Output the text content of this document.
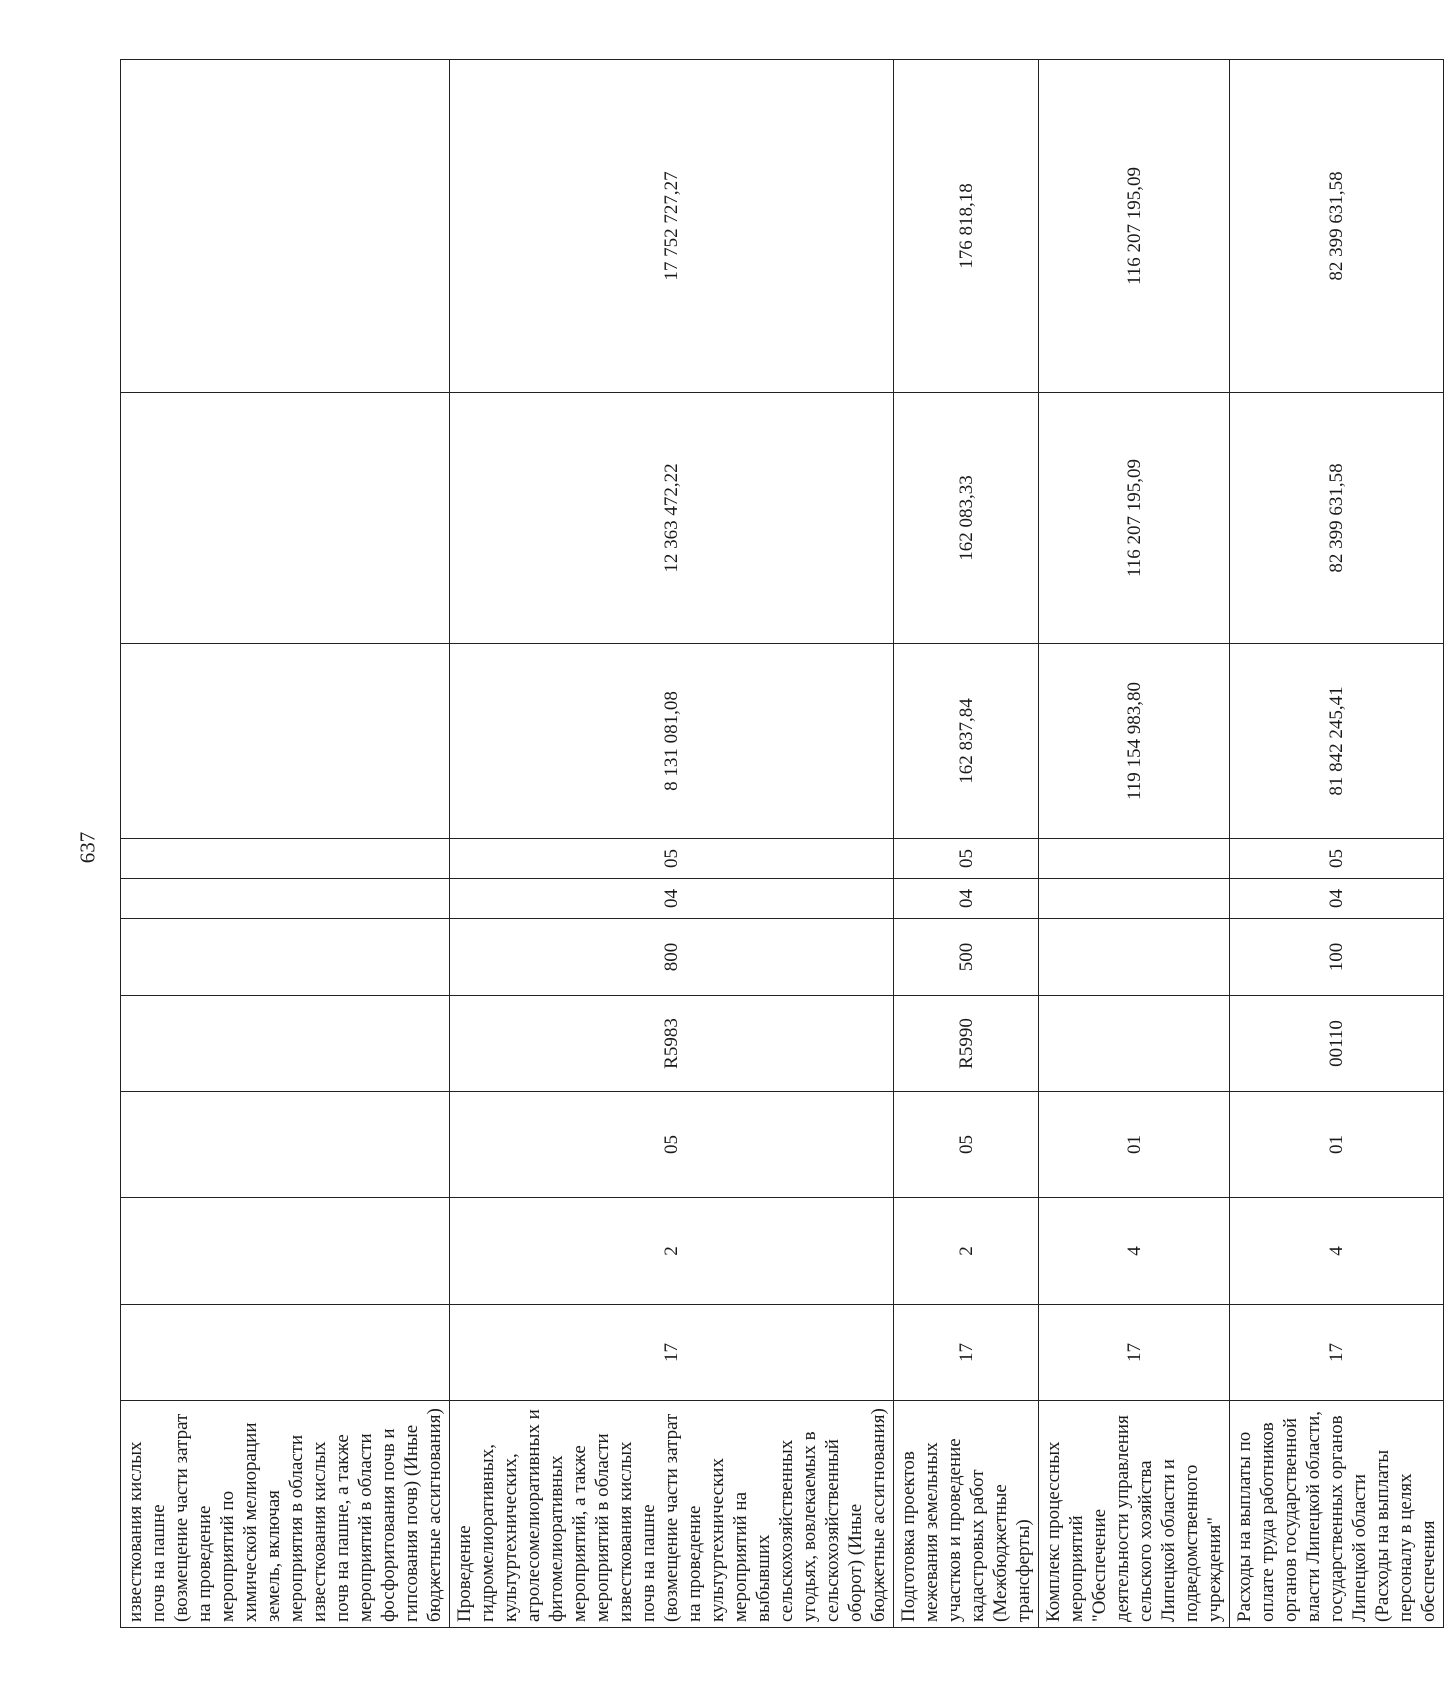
637
известкования кислых почв на пашне (возмещение части затрат на проведение мероприятий по химической мелиорации земель, включая мероприятия в области известкования кислых почв на пашне, а также мероприятий в области фосфоритования почв и гипсования почв) (Иные бюджетные ассигнования)										
Проведение гидромелиоративных, культуртехнических, агролесомелиоративных и фитомелиоративных мероприятий, а также мероприятий в области известкования кислых почв на пашне (возмещение части затрат на проведение культуртехнических мероприятий на выбывших сельскохозяйственных угодьях, вовлекаемых в сельскохозяйственный оборот) (Иные бюджетные ассигнования)	17	2	05	R5983	800	04	05	8 131 081,08	12 363 472,22	17 752 727,27
Подготовка проектов межевания земельных участков и проведение кадастровых работ (Межбюджетные трансферты)	17	2	05	R5990	500	04	05	162 837,84	162 083,33	176 818,18
Комплекс процессных мероприятий "Обеспечение деятельности управления сельского хозяйства Липецкой области и подведомственного учреждения"	17	4	01					119 154 983,80	116 207 195,09	116 207 195,09
Расходы на выплаты по оплате труда работников органов государственной власти Липецкой области, государственных органов Липецкой области (Расходы на выплаты персоналу в целях обеспечения	17	4	01	00110	100	04	05	81 842 245,41	82 399 631,58	82 399 631,58
